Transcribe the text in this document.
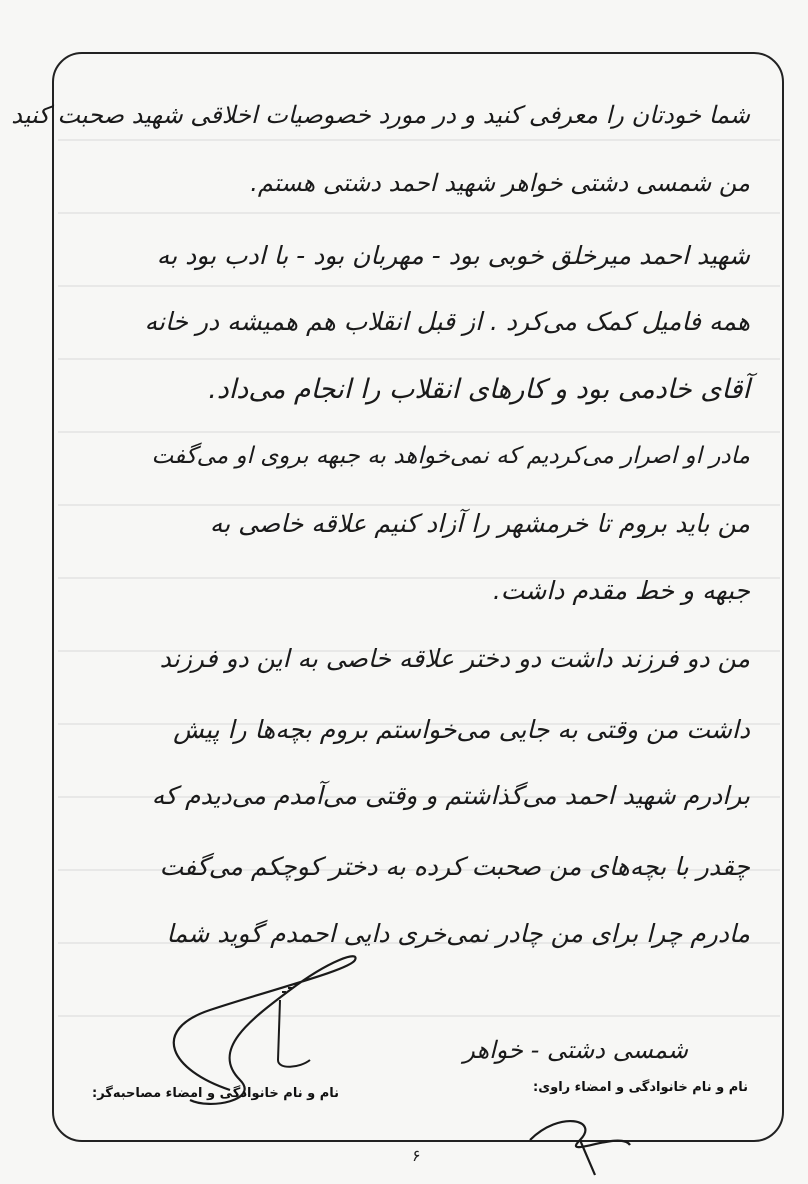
شما خودتان را معرفی کنید و در مورد خصوصیات اخلاقی شهید صحبت کنید
من شمسی دشتی خواهر شهید احمد دشتی هستم.
شهید احمد میرخلق خوبی بود - مهربان بود - با ادب بود به
همه فامیل کمک می‌کرد . از قبل انقلاب هم همیشه در خانه
آقای خادمی بود و کارهای انقلاب را انجام می‌داد.
مادر او اصرار می‌کردیم که نمی‌خواهد به جبهه بروی او می‌گفت
من باید بروم تا خرمشهر را آزاد کنیم علاقه خاصی به
جبهه و خط مقدم داشت.
من دو فرزند داشت دو دختر علاقه خاصی به این دو فرزند
داشت من وقتی به جایی می‌خواستم بروم بچه‌ها را پیش
برادرم شهید احمد می‌گذاشتم و وقتی می‌آمدم می‌دیدم که
چقدر با بچه‌های من صحبت کرده به دختر کوچکم می‌گفت
مادرم چرا برای من چادر نمی‌خری دایی احمدم گوید شما
شمسی دشتی - خواهر
نام و نام خانوادگی و امضاء راوی:
نام و نام خانوادگی و امضاء مصاحبه‌گر:
۶
